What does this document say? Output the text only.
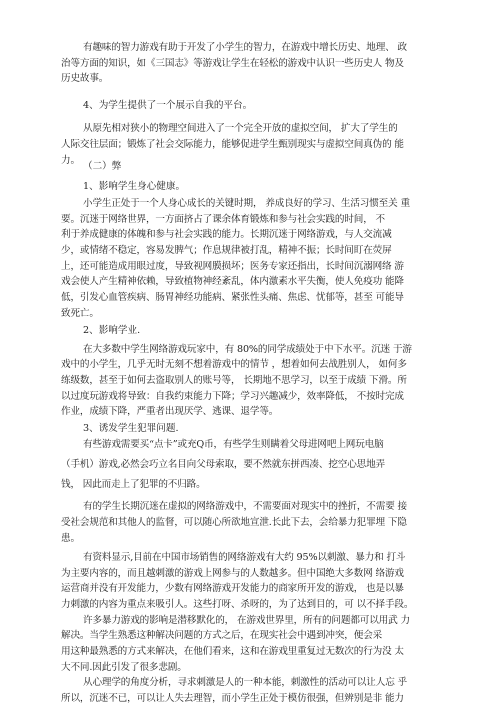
有趣味的智力游戏有助于开发了小学生的智力，在游戏中增长历史、地理、 政
治等方面的知识，如《三国志》等游戏让学生在轻松的游戏中认识一些历史人 物及
历史故事。
4、为学生提供了一个展示自我的平台。
从原先相对狭小的物理空间进入了一个完全开放的虚拟空间， 扩大了学生的
人际交往层面；锻炼了社会交际能力，能够促进学生甄别现实与虚拟空间真伪的 能
力。
（二）弊
1、影响学生身心健康。
小学生正处于一个人身心成长的关键时期， 养成良好的学习、生活习惯至关 重
要。沉迷于网络世界，一方面挤占了课余体育锻炼和参与社会实践的时间， 不
利于养成健康的体魄和参与社会实践的能力。长期沉迷于网络游戏，与人交流减
少，或情绪不稳定，容易发脾气；作息规律被打乱，精神不振；长时间盯在荧屏
上，还可能造成用眼过度，导致视网膜损坏；医务专家还指出，长时间沉溺网络 游
戏会使人产生精神依赖，导致植物神经紊乱，体内激素水平失衡，使人免疫功 能降
低，引发心血管疾病、肠胃神经功能病、紧张性头痛、焦虑、忧郁等，甚至 可能导
致死亡。
2、影响学业.
在大多数中学生网络游戏玩家中，有 80%的同学成绩处于中下水平。沉迷 于游
戏中的小学生，几乎无时无刻不想着游戏中的情节 ，想着如何去战胜别人， 如何多
练级数，甚至于如何去盗取别人的账号等， 长期地不思学习，以至于成绩 下滑。所
以过度玩游戏将导致：自我约束能力下降；学习兴趣减少，效率降低， 不按时完成
作业，成绩下降，严重者出现厌学、逃课、退学等。
3、诱发学生犯罪问题.
有些游戏需要买“点卡”或充Q币，有些学生则瞒着父母进网吧上网玩电脑
（手机）游戏,必然会巧立名目向父母索取，要不然就东拼西凑、挖空心思地弄
钱， 因此而走上了犯罪的不归路。
有的学生长期沉迷在虚拟的网络游戏中，不需要面对现实中的挫折，不需要 接
受社会规范和其他人的监督，可以随心所欲地宣泄.长此下去，会给暴力犯罪埋 下隐
患。
有资料显示,目前在中国市场销售的网络游戏有大约 95%以刺激、暴力和 打斗
为主要内容的，而且越刺激的游戏上网参与的人数越多。但中国绝大多数网 络游戏
运营商并没有开发能力，少数有网络游戏开发能力的商家所开发的游戏， 也是以暴
力刺激的内容为重点来吸引人。这些打呀、杀呀的，为了达到目的，可 以不择手段。
许多暴力游戏的影响是潜移默化的， 在游戏世界里，所有的问题都可以用武 力
解决。当学生熟悉这种解决问题的方式之后，在现实社会中遇到冲突，便会采
用这种最熟悉的方式来解决，在他们看来，这和在游戏里重复过无数次的行为没 太
大不同.因此引发了很多悲剧。
从心理学的角度分析，寻求刺激是人的一种本能，刺激性的活动可以让人忘 乎
所以，沉迷不已，可以让人失去理智，而小学生正处于模仿很强，但辨别是非 能力
